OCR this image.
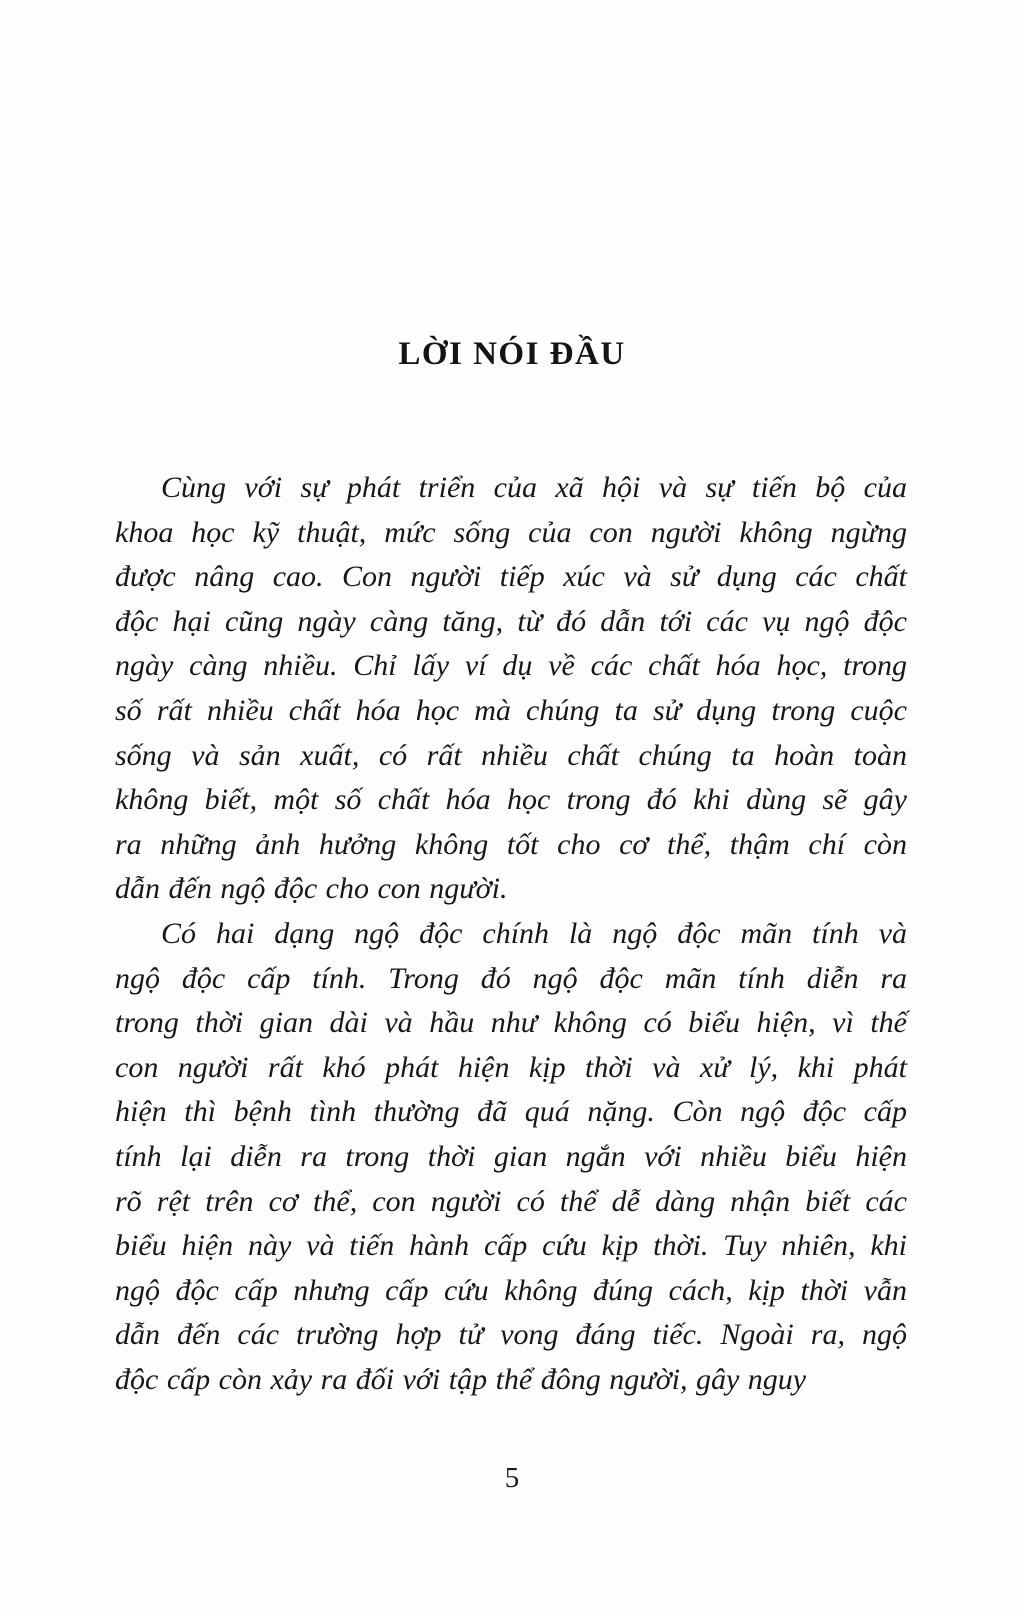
LỜI NÓI ĐẦU
Cùng với sự phát triển của xã hội và sự tiến bộ của
khoa học kỹ thuật, mức sống của con người không ngừng
được nâng cao. Con người tiếp xúc và sử dụng các chất
độc hại cũng ngày càng tăng, từ đó dẫn tới các vụ ngộ độc
ngày càng nhiều. Chỉ lấy ví dụ về các chất hóa học, trong
số rất nhiều chất hóa học mà chúng ta sử dụng trong cuộc
sống và sản xuất, có rất nhiều chất chúng ta hoàn toàn
không biết, một số chất hóa học trong đó khi dùng sẽ gây
ra những ảnh hưởng không tốt cho cơ thể, thậm chí còn
dẫn đến ngộ độc cho con người.
Có hai dạng ngộ độc chính là ngộ độc mãn tính và
ngộ độc cấp tính. Trong đó ngộ độc mãn tính diễn ra
trong thời gian dài và hầu như không có biểu hiện, vì thế
con người rất khó phát hiện kịp thời và xử lý, khi phát
hiện thì bệnh tình thường đã quá nặng. Còn ngộ độc cấp
tính lại diễn ra trong thời gian ngắn với nhiều biểu hiện
rõ rệt trên cơ thể, con người có thể dễ dàng nhận biết các
biểu hiện này và tiến hành cấp cứu kịp thời. Tuy nhiên, khi
ngộ độc cấp nhưng cấp cứu không đúng cách, kịp thời vẫn
dẫn đến các trường hợp tử vong đáng tiếc. Ngoài ra, ngộ
độc cấp còn xảy ra đối với tập thể đông người, gây nguy
5
